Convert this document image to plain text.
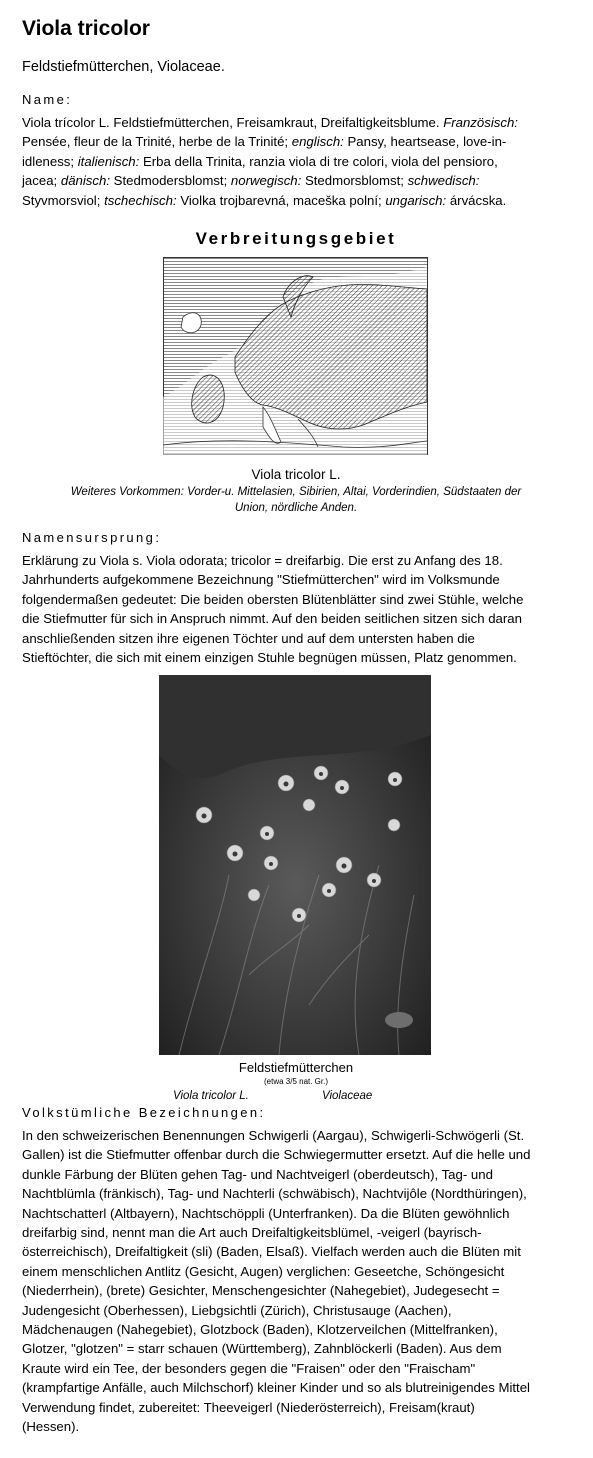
Viola tricolor
Feldstiefmütterchen, Violaceae.
Name:
Viola trícolor L. Feldstiefmütterchen, Freisamkraut, Dreifaltigkeitsblume. Französisch:
Pensée, fleur de la Trinité, herbe de la Trinité; englisch: Pansy, heartsease, love-in-
idleness; italienisch: Erba della Trinita, ranzia viola di tre colori, viola del pensioro,
jacea; dänisch: Stedmodersblomst; norwegisch: Stedmorsblomst; schwedisch:
Styvmorsviol; tschechisch: Violka trojbarevná, maceška polní; ungarisch: árvácska.
Verbreitungsgebiet
Viola tricolor L.
Weiteres Vorkommen: Vorder-u. Mittelasien, Sibirien, Altai, Vorderindien, Südstaaten der
Union, nördliche Anden.
Namensursprung:
Erklärung zu Viola s. Viola odorata; tricolor = dreifarbig. Die erst zu Anfang des 18.
Jahrhunderts aufgekommene Bezeichnung "Stiefmütterchen" wird im Volksmunde
folgendermaßen gedeutet: Die beiden obersten Blütenblätter sind zwei Stühle, welche
die Stiefmutter für sich in Anspruch nimmt. Auf den beiden seitlichen sitzen sich daran
anschließenden sitzen ihre eigenen Töchter und auf dem untersten haben die
Stieftöchter, die sich mit einem einzigen Stuhle begnügen müssen, Platz genommen.
Feldstiefmütterchen
(etwa 3/5 nat. Gr.)
Viola tricolor L.	Violaceae
Volkstümliche Bezeichnungen:
In den schweizerischen Benennungen Schwigerli (Aargau), Schwigerli-Schwögerli (St.
Gallen) ist die Stiefmutter offenbar durch die Schwiegermutter ersetzt. Auf die helle und
dunkle Färbung der Blüten gehen Tag- und Nachtveigerl (oberdeutsch), Tag- und
Nachtblümla (fränkisch), Tag- und Nachterli (schwäbisch), Nachtvijôle (Nordthüringen),
Nachtschatterl (Altbayern), Nachtschöppli (Unterfranken). Da die Blüten gewöhnlich
dreifarbig sind, nennt man die Art auch Dreifaltigkeitsblümel, -veigerl (bayrisch-
österreichisch), Dreifaltigkeit (sli) (Baden, Elsaß). Vielfach werden auch die Blüten mit
einem menschlichen Antlitz (Gesicht, Augen) verglichen: Geseetche, Schöngesicht
(Niederrhein), (brete) Gesichter, Menschengesichter (Nahegebiet), Judegesecht =
Judengesicht (Oberhessen), Liebgsichtli (Zürich), Christusauge (Aachen),
Mädchenaugen (Nahegebiet), Glotzbock (Baden), Klotzerveilchen (Mittelfranken),
Glotzer, "glotzen" = starr schauen (Württemberg), Zahnblöckerli (Baden). Aus dem
Kraute wird ein Tee, der besonders gegen die "Fraisen" oder den "Fraischam"
(krampfartige Anfälle, auch Milchschorf) kleiner Kinder und so als blutreinigendes Mittel
Verwendung findet, zubereitet: Theeveigerl (Niederösterreich), Freisam(kraut)
(Hessen).
